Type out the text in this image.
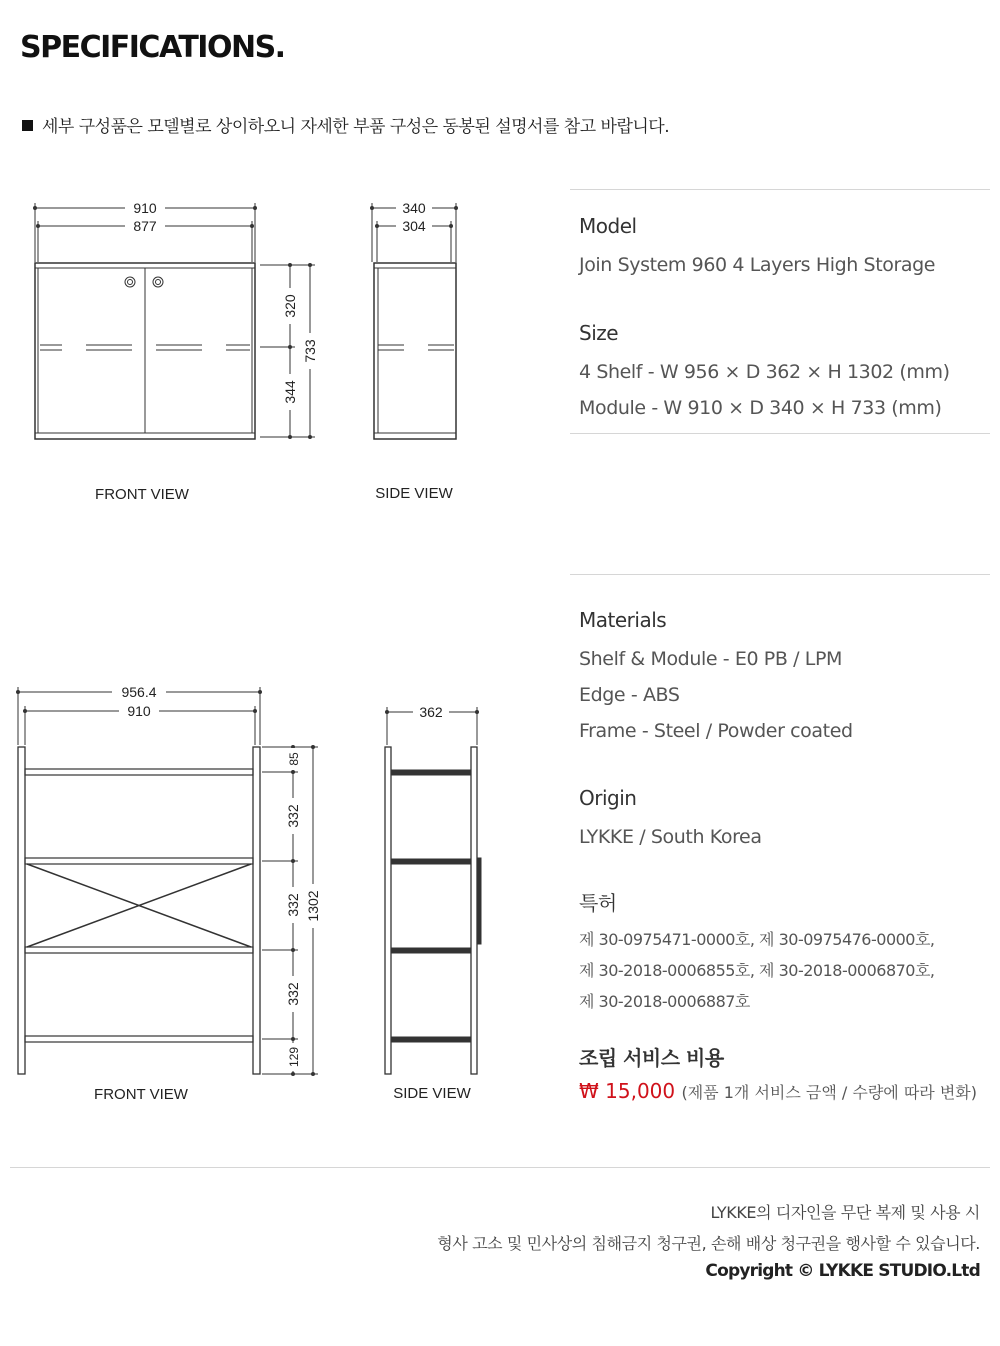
SPECIFICATIONS.
세부 구성품은 모델별로 상이하오니 자세한 부품 구성은 동봉된 설명서를 참고 바랍니다.
910
877
320
344
733
340
304
956.4
910
85
332
332
332
129
1302
362
FRONT VIEW	SIDE VIEW
FRONT VIEW	SIDE VIEW
Model
Join System 960 4 Layers High Storage
Size
4 Shelf - W 956 × D 362 × H 1302 (mm)
Module - W 910 × D 340 × H 733 (mm)
Materials
Shelf & Module - E0 PB / LPM
Edge - ABS
Frame - Steel / Powder coated
Origin
LYKKE / South Korea
특허
제 30-0975471-0000호, 제 30-0975476-0000호,
제 30-2018-0006855호, 제 30-2018-0006870호,
제 30-2018-0006887호
조립 서비스 비용
₩ 15,000 (제품 1개 서비스 금액 / 수량에 따라 변화)
LYKKE의 디자인을 무단 복제 및 사용 시
형사 고소 및 민사상의 침해금지 청구권, 손해 배상 청구권을 행사할 수 있습니다.
Copyright © LYKKE STUDIO.Ltd
